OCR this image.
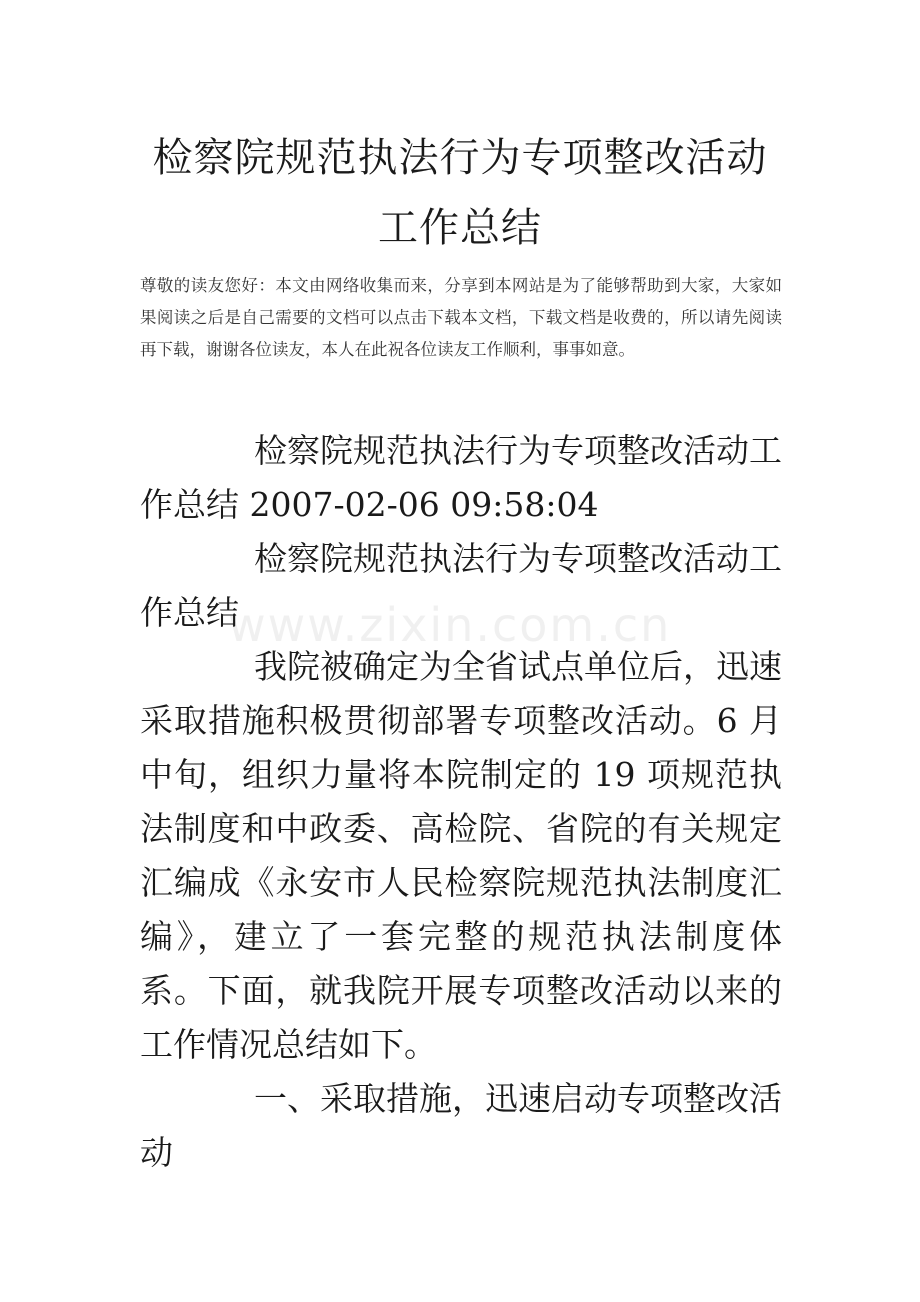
检察院规范执法行为专项整改活动
工作总结
尊敬的读友您好：本文由网络收集而来，分享到本网站是为了能够帮助到大家，大家如果阅读之后是自己需要的文档可以点击下载本文档，下载文档是收费的，所以请先阅读再下载，谢谢各位读友，本人在此祝各位读友工作顺利，事事如意。
www.zixin.com.cn

检察院规范执法行为专项整改活动工作总结 2007-02-06 09:58:04

检察院规范执法行为专项整改活动工作总结

我院被确定为全省试点单位后，迅速采取措施积极贯彻部署专项整改活动。6 月中旬，组织力量将本院制定的 19 项规范执法制度和中政委、高检院、省院的有关规定汇编成《永安市人民检察院规范执法制度汇编》，建立了一套完整的规范执法制度体系。下面，就我院开展专项整改活动以来的工作情况总结如下。

一、采取措施，迅速启动专项整改活动
